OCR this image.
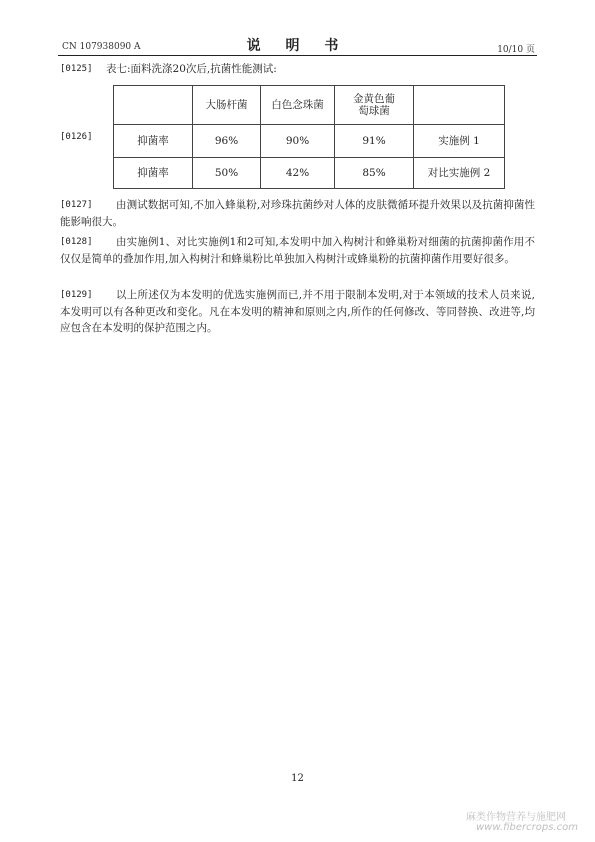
CN 107938090 A	说 明 书	10/10 页
[0125] 表七:面料洗涤20次后,抗菌性能测试:
	大肠杆菌	白色念珠菌	金黄色葡萄球菌	
抑菌率	96%	90%	91%	实施例 1
抑菌率	50%	42%	85%	对比实施例 2
[0126]
[0127]	由测试数据可知,不加入蜂巢粉,对珍珠抗菌纱对人体的皮肤微循环提升效果以及抗菌抑菌性能影响很大。
[0128]	由实施例1、对比实施例1和2可知,本发明中加入构树汁和蜂巢粉对细菌的抗菌抑菌作用不仅仅是简单的叠加作用,加入构树汁和蜂巢粉比单独加入构树汁或蜂巢粉的抗菌抑菌作用要好很多。
[0129]	以上所述仅为本发明的优选实施例而已,并不用于限制本发明,对于本领域的技术人员来说,本发明可以有各种更改和变化。凡在本发明的精神和原则之内,所作的任何修改、等同替换、改进等,均应包含在本发明的保护范围之内。
12
麻类作物营养与施肥网
www.fibercrops.com
